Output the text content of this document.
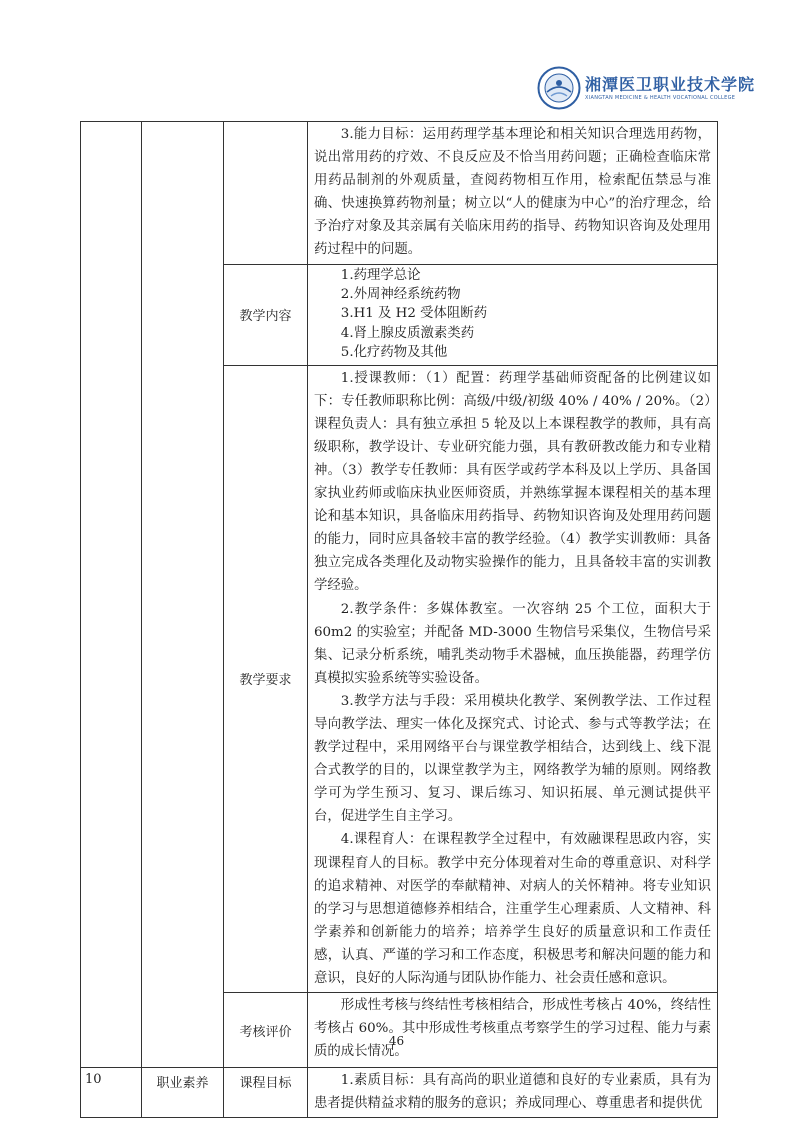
湘潭医卫职业技术学院
XIANGTAN MEDICINE & HEALTH VOCATIONAL COLLEGE

			3.能力目标：运用药理学基本理论和相关知识合理选用药物，说出常用药的疗效、不良反应及不恰当用药问题；正确检查临床常用药品制剂的外观质量，查阅药物相互作用，检索配伍禁忌与准确、快速换算药物剂量；树立以“人的健康为中心”的治疗理念，给予治疗对象及其亲属有关临床用药的指导、药物知识咨询及处理用药过程中的问题。

		教学内容	1.药理学总论

2.外周神经系统药物

3.H1 及 H2 受体阻断药

4.肾上腺皮质激素类药

5.化疗药物及其他

		教学要求	1.授课教师：（1）配置：药理学基础师资配备的比例建议如下：专任教师职称比例：高级/中级/初级 40% / 40% / 20%。（2）课程负责人：具有独立承担 5 轮及以上本课程教学的教师，具有高级职称，教学设计、专业研究能力强，具有教研教改能力和专业精神。（3）教学专任教师：具有医学或药学本科及以上学历、具备国家执业药师或临床执业医师资质，并熟练掌握本课程相关的基本理论和基本知识，具备临床用药指导、药物知识咨询及处理用药问题的能力，同时应具备较丰富的教学经验。（4）教学实训教师：具备独立完成各类理化及动物实验操作的能力，且具备较丰富的实训教学经验。

2.教学条件：多媒体教室。一次容纳 25 个工位，面积大于 60m2 的实验室；并配备 MD-3000 生物信号采集仪，生物信号采集、记录分析系统，哺乳类动物手术器械，血压换能器，药理学仿真模拟实验系统等实验设备。

3.教学方法与手段：采用模块化教学、案例教学法、工作过程导向教学法、理实一体化及探究式、讨论式、参与式等教学法；在教学过程中，采用网络平台与课堂教学相结合，达到线上、线下混合式教学的目的，以课堂教学为主，网络教学为辅的原则。网络教学可为学生预习、复习、课后练习、知识拓展、单元测试提供平台，促进学生自主学习。

4.课程育人：在课程教学全过程中，有效融课程思政内容，实现课程育人的目标。教学中充分体现着对生命的尊重意识、对科学的追求精神、对医学的奉献精神、对病人的关怀精神。将专业知识的学习与思想道德修养相结合，注重学生心理素质、人文精神、科学素养和创新能力的培养；培养学生良好的质量意识和工作责任感，认真、严谨的学习和工作态度，积极思考和解决问题的能力和意识，良好的人际沟通与团队协作能力、社会责任感和意识。

		考核评价	形成性考核与终结性考核相结合，形成性考核占 40%，终结性考核占 60%。其中形成性考核重点考察学生的学习过程、能力与素质的成长情况。

10	职业素养	课程目标	1.素质目标：具有高尚的职业道德和良好的专业素质，具有为患者提供精益求精的服务的意识；养成同理心、尊重患者和提供优

46
